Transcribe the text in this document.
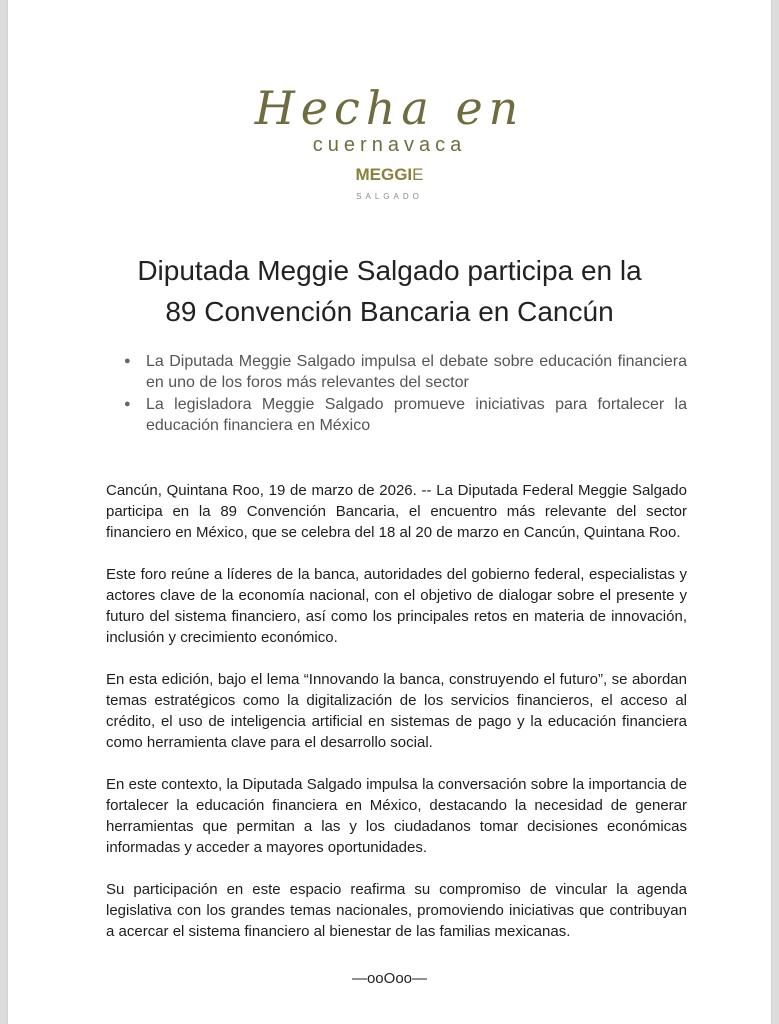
Hecha en
cuernavaca
MEGGIE
SALGADO
Diputada Meggie Salgado participa en la
89 Convención Bancaria en Cancún
● La Diputada Meggie Salgado impulsa el debate sobre educación financiera en uno de los foros más relevantes del sector
● La legisladora Meggie Salgado promueve iniciativas para fortalecer la educación financiera en México

Cancún, Quintana Roo, 19 de marzo de 2026. -- La Diputada Federal Meggie Salgado participa en la 89 Convención Bancaria, el encuentro más relevante del sector financiero en México, que se celebra del 18 al 20 de marzo en Cancún, Quintana Roo.

Este foro reúne a líderes de la banca, autoridades del gobierno federal, especialistas y actores clave de la economía nacional, con el objetivo de dialogar sobre el presente y futuro del sistema financiero, así como los principales retos en materia de innovación, inclusión y crecimiento económico.

En esta edición, bajo el lema “Innovando la banca, construyendo el futuro”, se abordan temas estratégicos como la digitalización de los servicios financieros, el acceso al crédito, el uso de inteligencia artificial en sistemas de pago y la educación financiera como herramienta clave para el desarrollo social.

En este contexto, la Diputada Salgado impulsa la conversación sobre la importancia de fortalecer la educación financiera en México, destacando la necesidad de generar herramientas que permitan a las y los ciudadanos tomar decisiones económicas informadas y acceder a mayores oportunidades.

Su participación en este espacio reafirma su compromiso de vincular la agenda legislativa con los grandes temas nacionales, promoviendo iniciativas que contribuyan a acercar el sistema financiero al bienestar de las familias mexicanas.

—ooOoo—
